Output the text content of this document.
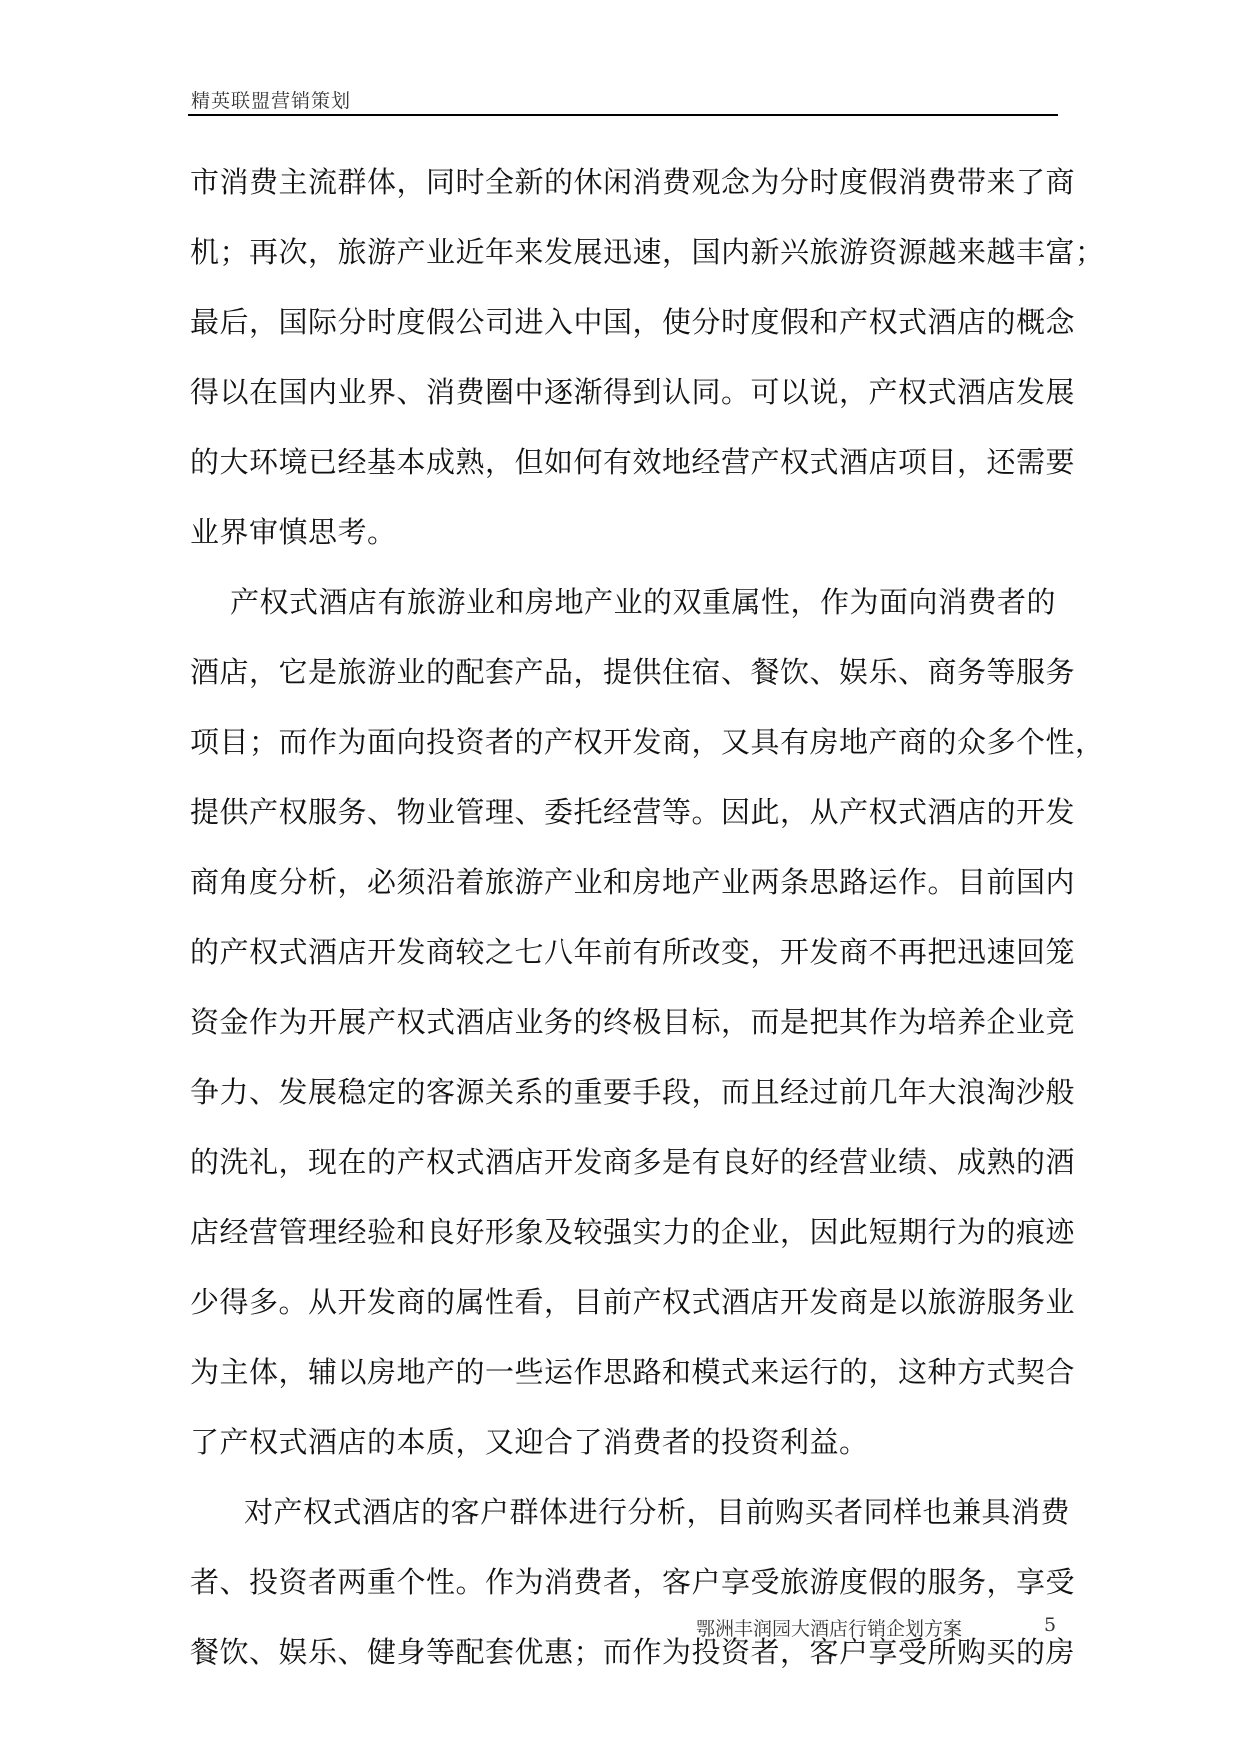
精英联盟营销策划
市消费主流群体，同时全新的休闲消费观念为分时度假消费带来了商
机；再次，旅游产业近年来发展迅速，国内新兴旅游资源越来越丰富；
最后，国际分时度假公司进入中国，使分时度假和产权式酒店的概念
得以在国内业界、消费圈中逐渐得到认同。可以说，产权式酒店发展
的大环境已经基本成熟，但如何有效地经营产权式酒店项目，还需要
业界审慎思考。
产权式酒店有旅游业和房地产业的双重属性，作为面向消费者的
酒店，它是旅游业的配套产品，提供住宿、餐饮、娱乐、商务等服务
项目；而作为面向投资者的产权开发商，又具有房地产商的众多个性，
提供产权服务、物业管理、委托经营等。因此，从产权式酒店的开发
商角度分析，必须沿着旅游产业和房地产业两条思路运作。目前国内
的产权式酒店开发商较之七八年前有所改变，开发商不再把迅速回笼
资金作为开展产权式酒店业务的终极目标，而是把其作为培养企业竞
争力、发展稳定的客源关系的重要手段，而且经过前几年大浪淘沙般
的洗礼，现在的产权式酒店开发商多是有良好的经营业绩、成熟的酒
店经营管理经验和良好形象及较强实力的企业，因此短期行为的痕迹
少得多。从开发商的属性看，目前产权式酒店开发商是以旅游服务业
为主体，辅以房地产的一些运作思路和模式来运行的，这种方式契合
了产权式酒店的本质，又迎合了消费者的投资利益。
对产权式酒店的客户群体进行分析，目前购买者同样也兼具消费
者、投资者两重个性。作为消费者，客户享受旅游度假的服务，享受
餐饮、娱乐、健身等配套优惠；而作为投资者，客户享受所购买的房
鄂洲丰润园大酒店行销企划方案	5
